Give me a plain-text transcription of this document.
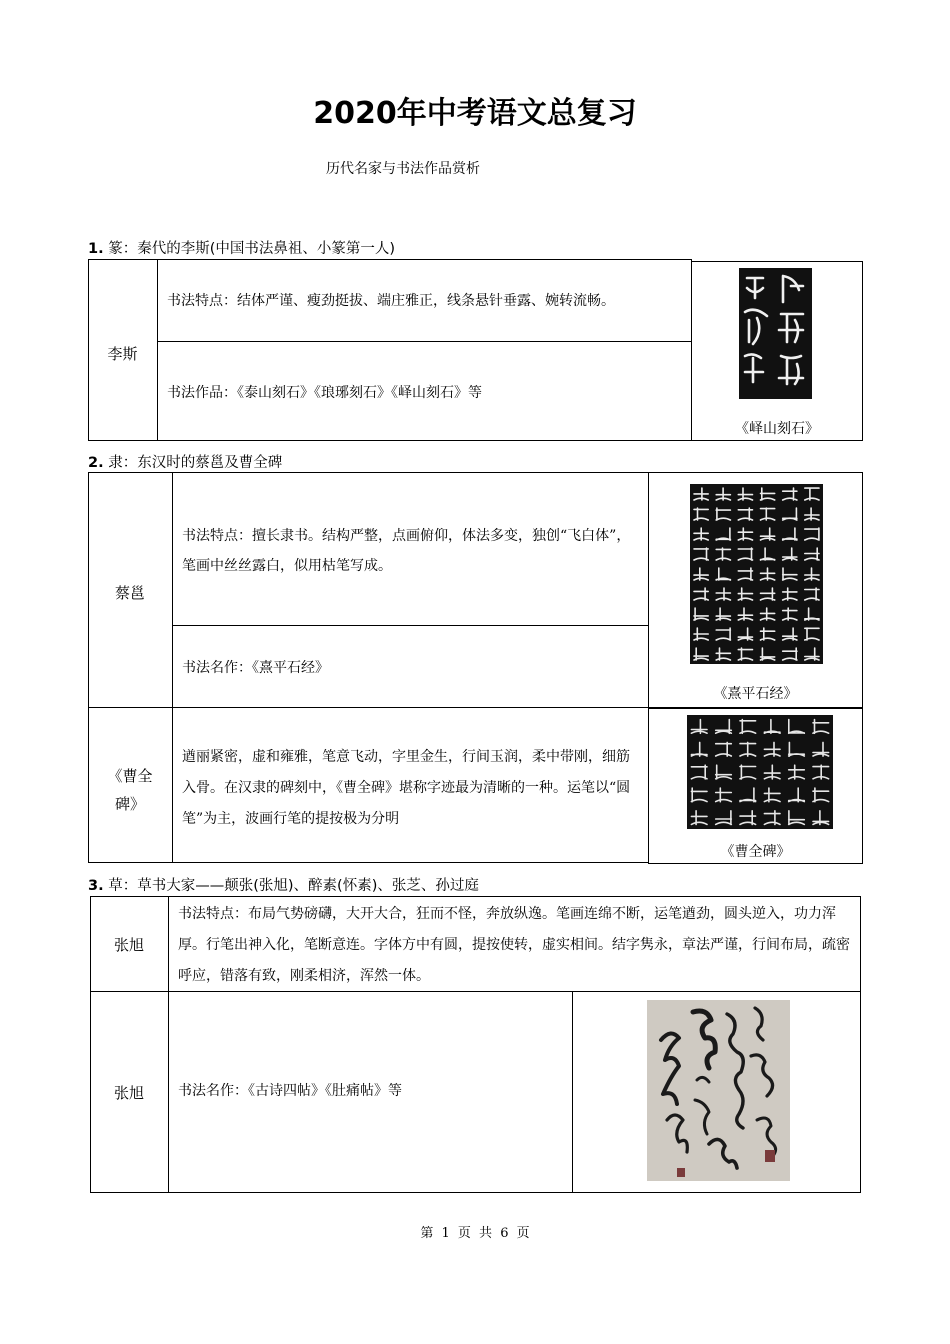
2020年中考语文总复习
历代名家与书法作品赏析
1. 篆：秦代的李斯(中国书法鼻祖、小篆第一人)
李斯
书法特点：结体严谨、瘦劲挺拔、端庄雅正，线条悬针垂露、婉转流畅。
书法作品：《泰山刻石》《琅琊刻石》《峄山刻石》等
《峄山刻石》
2. 隶：东汉时的蔡邕及曹全碑
蔡邕
书法特点：擅长隶书。结构严整，点画俯仰，体法多变，独创“飞白体”，笔画中丝丝露白，似用枯笔写成。
书法名作：《熹平石经》
《熹平石经》
《曹全
碑》
遒丽紧密，虚和雍雅，笔意飞动，字里金生，行间玉润，柔中带刚，细筋入骨。在汉隶的碑刻中，《曹全碑》堪称字迹最为清晰的一种。运笔以“圆笔”为主，波画行笔的提按极为分明
《曹全碑》
3. 草：草书大家——颠张(张旭)、醉素(怀素)、张芝、孙过庭
张旭
书法特点：布局气势磅礴，大开大合，狂而不怪，奔放纵逸。笔画连绵不断，运笔遒劲，圆头逆入，功力浑厚。行笔出神入化，笔断意连。字体方中有圆，提按使转，虚实相间。结字隽永，章法严谨，行间布局，疏密呼应，错落有致，刚柔相济，浑然一体。
张旭	书法名作：《古诗四帖》《肚痛帖》等
第 1 页 共 6 页
